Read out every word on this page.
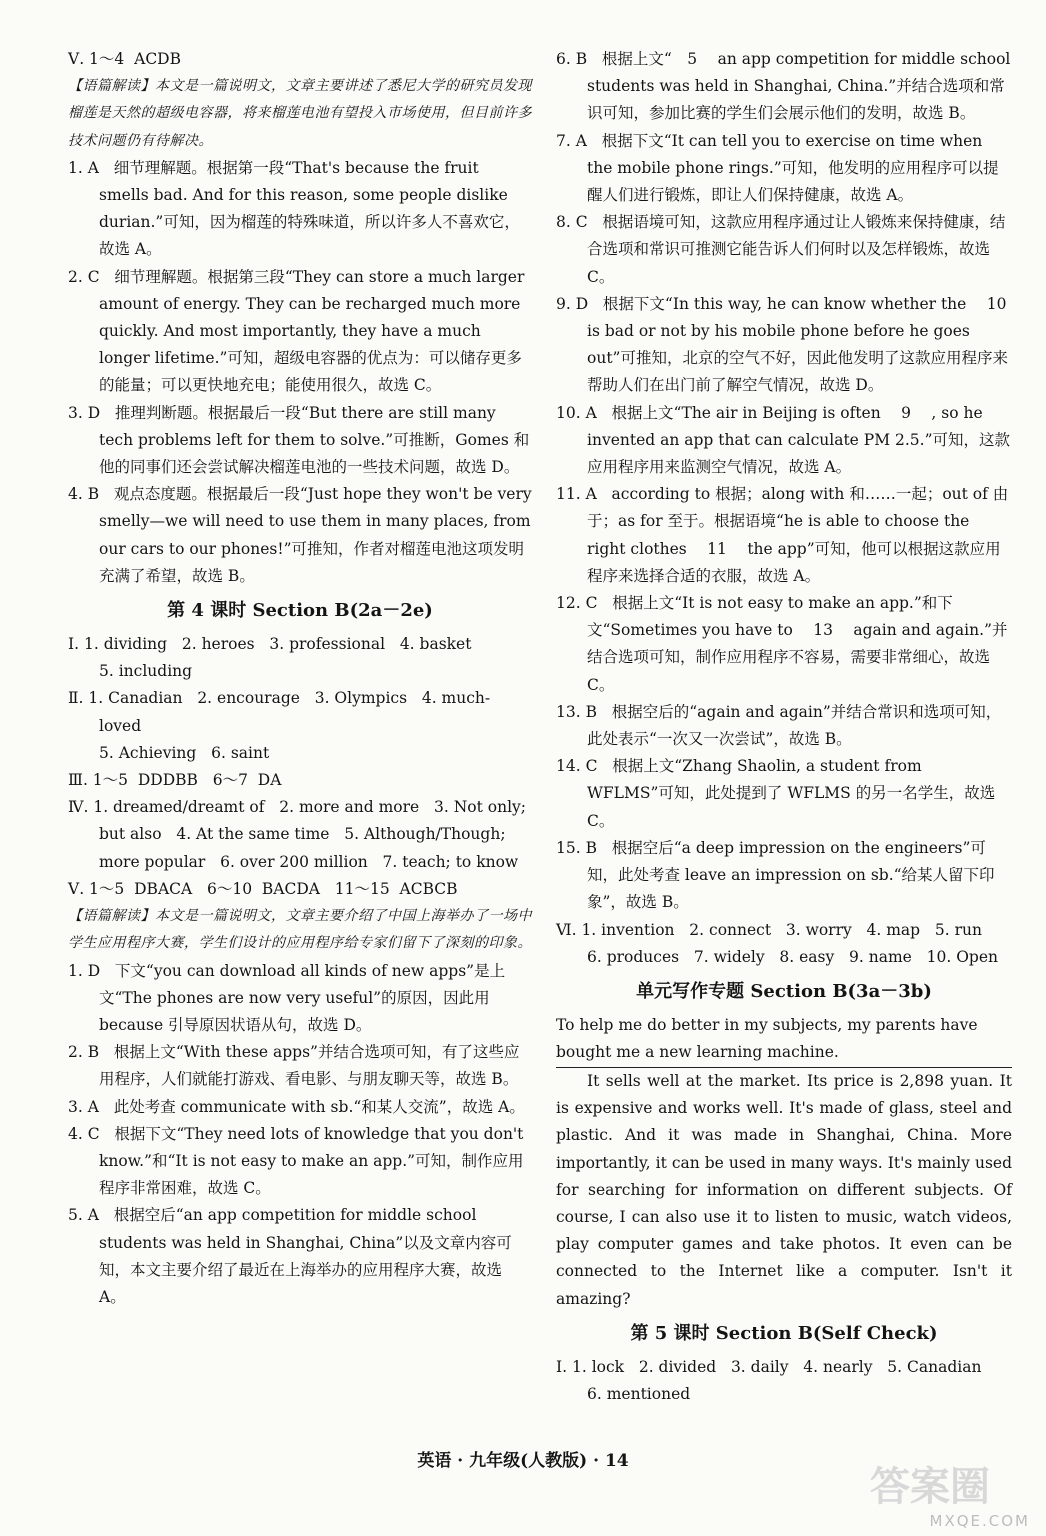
Ⅴ. 1～4  ACDB
【语篇解读】本文是一篇说明文，文章主要讲述了悉尼大学的研究员发现榴莲是天然的超级电容器，将来榴莲电池有望投入市场使用，但目前许多技术问题仍有待解决。
1. A   细节理解题。根据第一段“That's because the fruit smells bad. And for this reason, some people dislike durian.”可知，因为榴莲的特殊味道，所以许多人不喜欢它，故选 A。
2. C   细节理解题。根据第三段“They can store a much larger amount of energy. They can be recharged much more quickly. And most importantly, they have a much longer lifetime.”可知，超级电容器的优点为：可以储存更多的能量；可以更快地充电；能使用很久，故选 C。
3. D   推理判断题。根据最后一段“But there are still many tech problems left for them to solve.”可推断，Gomes 和他的同事们还会尝试解决榴莲电池的一些技术问题，故选 D。
4. B   观点态度题。根据最后一段“Just hope they won't be very smelly—we will need to use them in many places, from our cars to our phones!”可推知，作者对榴莲电池这项发明充满了希望，故选 B。
第 4 课时 Section B(2a－2e)
Ⅰ. 1. dividing   2. heroes   3. professional   4. basket
5. including
Ⅱ. 1. Canadian   2. encourage   3. Olympics   4. much-loved
5. Achieving   6. saint
Ⅲ. 1～5  DDDBB   6～7  DA
Ⅳ. 1. dreamed/dreamt of   2. more and more   3. Not only; but also   4. At the same time   5. Although/Though; more popular   6. over 200 million   7. teach; to know
Ⅴ. 1～5  DBACA   6～10  BACDA   11～15  ACBCB
【语篇解读】本文是一篇说明文，文章主要介绍了中国上海举办了一场中学生应用程序大赛，学生们设计的应用程序给专家们留下了深刻的印象。
1. D   下文“you can download all kinds of new apps”是上文“The phones are now very useful”的原因，因此用 because 引导原因状语从句，故选 D。
2. B   根据上文“With these apps”并结合选项可知，有了这些应用程序，人们就能打游戏、看电影、与朋友聊天等，故选 B。
3. A   此处考查 communicate with sb.“和某人交流”，故选 A。
4. C   根据下文“They need lots of knowledge that you don't know.”和“It is not easy to make an app.”可知，制作应用程序非常困难，故选 C。
5. A   根据空后“an app competition for middle school students was held in Shanghai, China”以及文章内容可知，本文主要介绍了最近在上海举办的应用程序大赛，故选 A。
6. B   根据上文“　5　 an app competition for middle school students was held in Shanghai, China.”并结合选项和常识可知，参加比赛的学生们会展示他们的发明，故选 B。
7. A   根据下文“It can tell you to exercise on time when the mobile phone rings.”可知，他发明的应用程序可以提醒人们进行锻炼，即让人们保持健康，故选 A。
8. C   根据语境可知，这款应用程序通过让人锻炼来保持健康，结合选项和常识可推测它能告诉人们何时以及怎样锻炼，故选 C。
9. D   根据下文“In this way, he can know whether the 　10　 is bad or not by his mobile phone before he goes out”可推知，北京的空气不好，因此他发明了这款应用程序来帮助人们在出门前了解空气情况，故选 D。
10. A   根据上文“The air in Beijing is often 　9　 , so he invented an app that can calculate PM 2.5.”可知，这款应用程序用来监测空气情况，故选 A。
11. A   according to 根据；along with 和……一起；out of 由于；as for 至于。根据语境“he is able to choose the right clothes 　11　 the app”可知，他可以根据这款应用程序来选择合适的衣服，故选 A。
12. C   根据上文“It is not easy to make an app.”和下文“Sometimes you have to 　13　 again and again.”并结合选项可知，制作应用程序不容易，需要非常细心，故选 C。
13. B   根据空后的“again and again”并结合常识和选项可知，此处表示“一次又一次尝试”，故选 B。
14. C   根据上文“Zhang Shaolin, a student from WFLMS”可知，此处提到了 WFLMS 的另一名学生，故选 C。
15. B   根据空后“a deep impression on the engineers”可知，此处考查 leave an impression on sb.“给某人留下印象”，故选 B。
Ⅵ. 1. invention   2. connect   3. worry   4. map   5. run
6. produces   7. widely   8. easy   9. name   10. Open
单元写作专题 Section B(3a－3b)
To help me do better in my subjects, my parents have bought me a new learning machine.
It sells well at the market. Its price is 2,898 yuan. It is expensive and works well. It's made of glass, steel and plastic. And it was made in Shanghai, China. More importantly, it can be used in many ways. It's mainly used for searching for information on different subjects. Of course, I can also use it to listen to music, watch videos, play computer games and take photos. It even can be connected to the Internet like a computer. Isn't it amazing?
第 5 课时 Section B(Self Check)
Ⅰ. 1. lock   2. divided   3. daily   4. nearly   5. Canadian
6. mentioned
英语 · 九年级(人教版) · 14
答案圈
MXQE.COM
